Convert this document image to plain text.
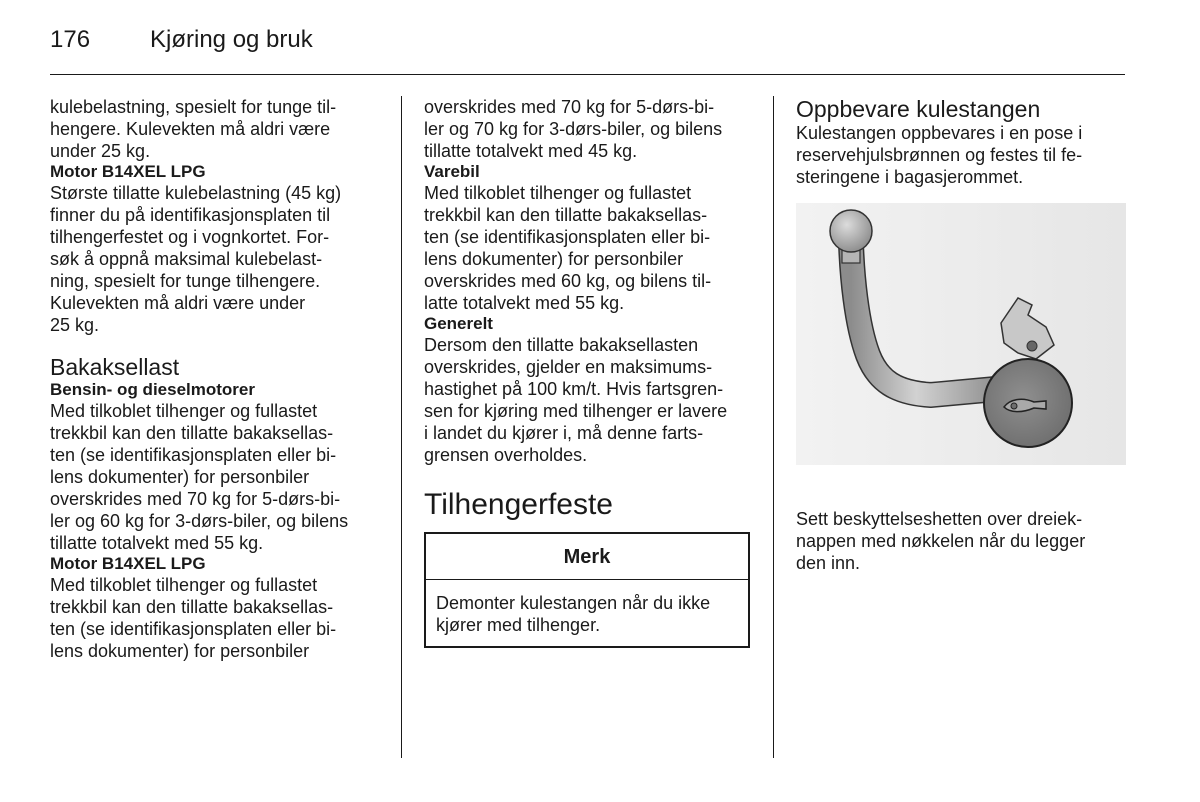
176 Kjøring og bruk

kulebelastning, spesielt for tunge til-
hengere. Kulevekten må aldri være
under 25 kg.

Motor B14XEL LPG

Største tillatte kulebelastning (45 kg)
finner du på identifikasjonsplaten til
tilhengerfestet og i vognkortet. For-
søk å oppnå maksimal kulebelast-
ning, spesielt for tunge tilhengere.
Kulevekten må aldri være under
25 kg.

Bakaksellast

Bensin- og dieselmotorer

Med tilkoblet tilhenger og fullastet
trekkbil kan den tillatte bakaksellas-
ten (se identifikasjonsplaten eller bi-
lens dokumenter) for personbiler
overskrides med 70 kg for 5-dørs-bi-
ler og 60 kg for 3-dørs-biler, og bilens
tillatte totalvekt med 55 kg.

Motor B14XEL LPG

Med tilkoblet tilhenger og fullastet
trekkbil kan den tillatte bakaksellas-
ten (se identifikasjonsplaten eller bi-
lens dokumenter) for personbiler

overskrides med 70 kg for 5-dørs-bi-
ler og 70 kg for 3-dørs-biler, og bilens
tillatte totalvekt med 45 kg.

Varebil

Med tilkoblet tilhenger og fullastet
trekkbil kan den tillatte bakaksellas-
ten (se identifikasjonsplaten eller bi-
lens dokumenter) for personbiler
overskrides med 60 kg, og bilens til-
latte totalvekt med 55 kg.

Generelt

Dersom den tillatte bakaksellasten
overskrides, gjelder en maksimums-
hastighet på 100 km/t. Hvis fartsgren-
sen for kjøring med tilhenger er lavere
i landet du kjører i, må denne farts-
grensen overholdes.

Tilhengerfeste

Merk
Demonter kulestangen når du ikke
kjører med tilhenger.

Oppbevare kulestangen

Kulestangen oppbevares i en pose i
reservehjulsbrønnen og festes til fe-
steringene i bagasjerommet.

Sett beskyttelseshetten over dreiek-
nappen med nøkkelen når du legger
den inn.
